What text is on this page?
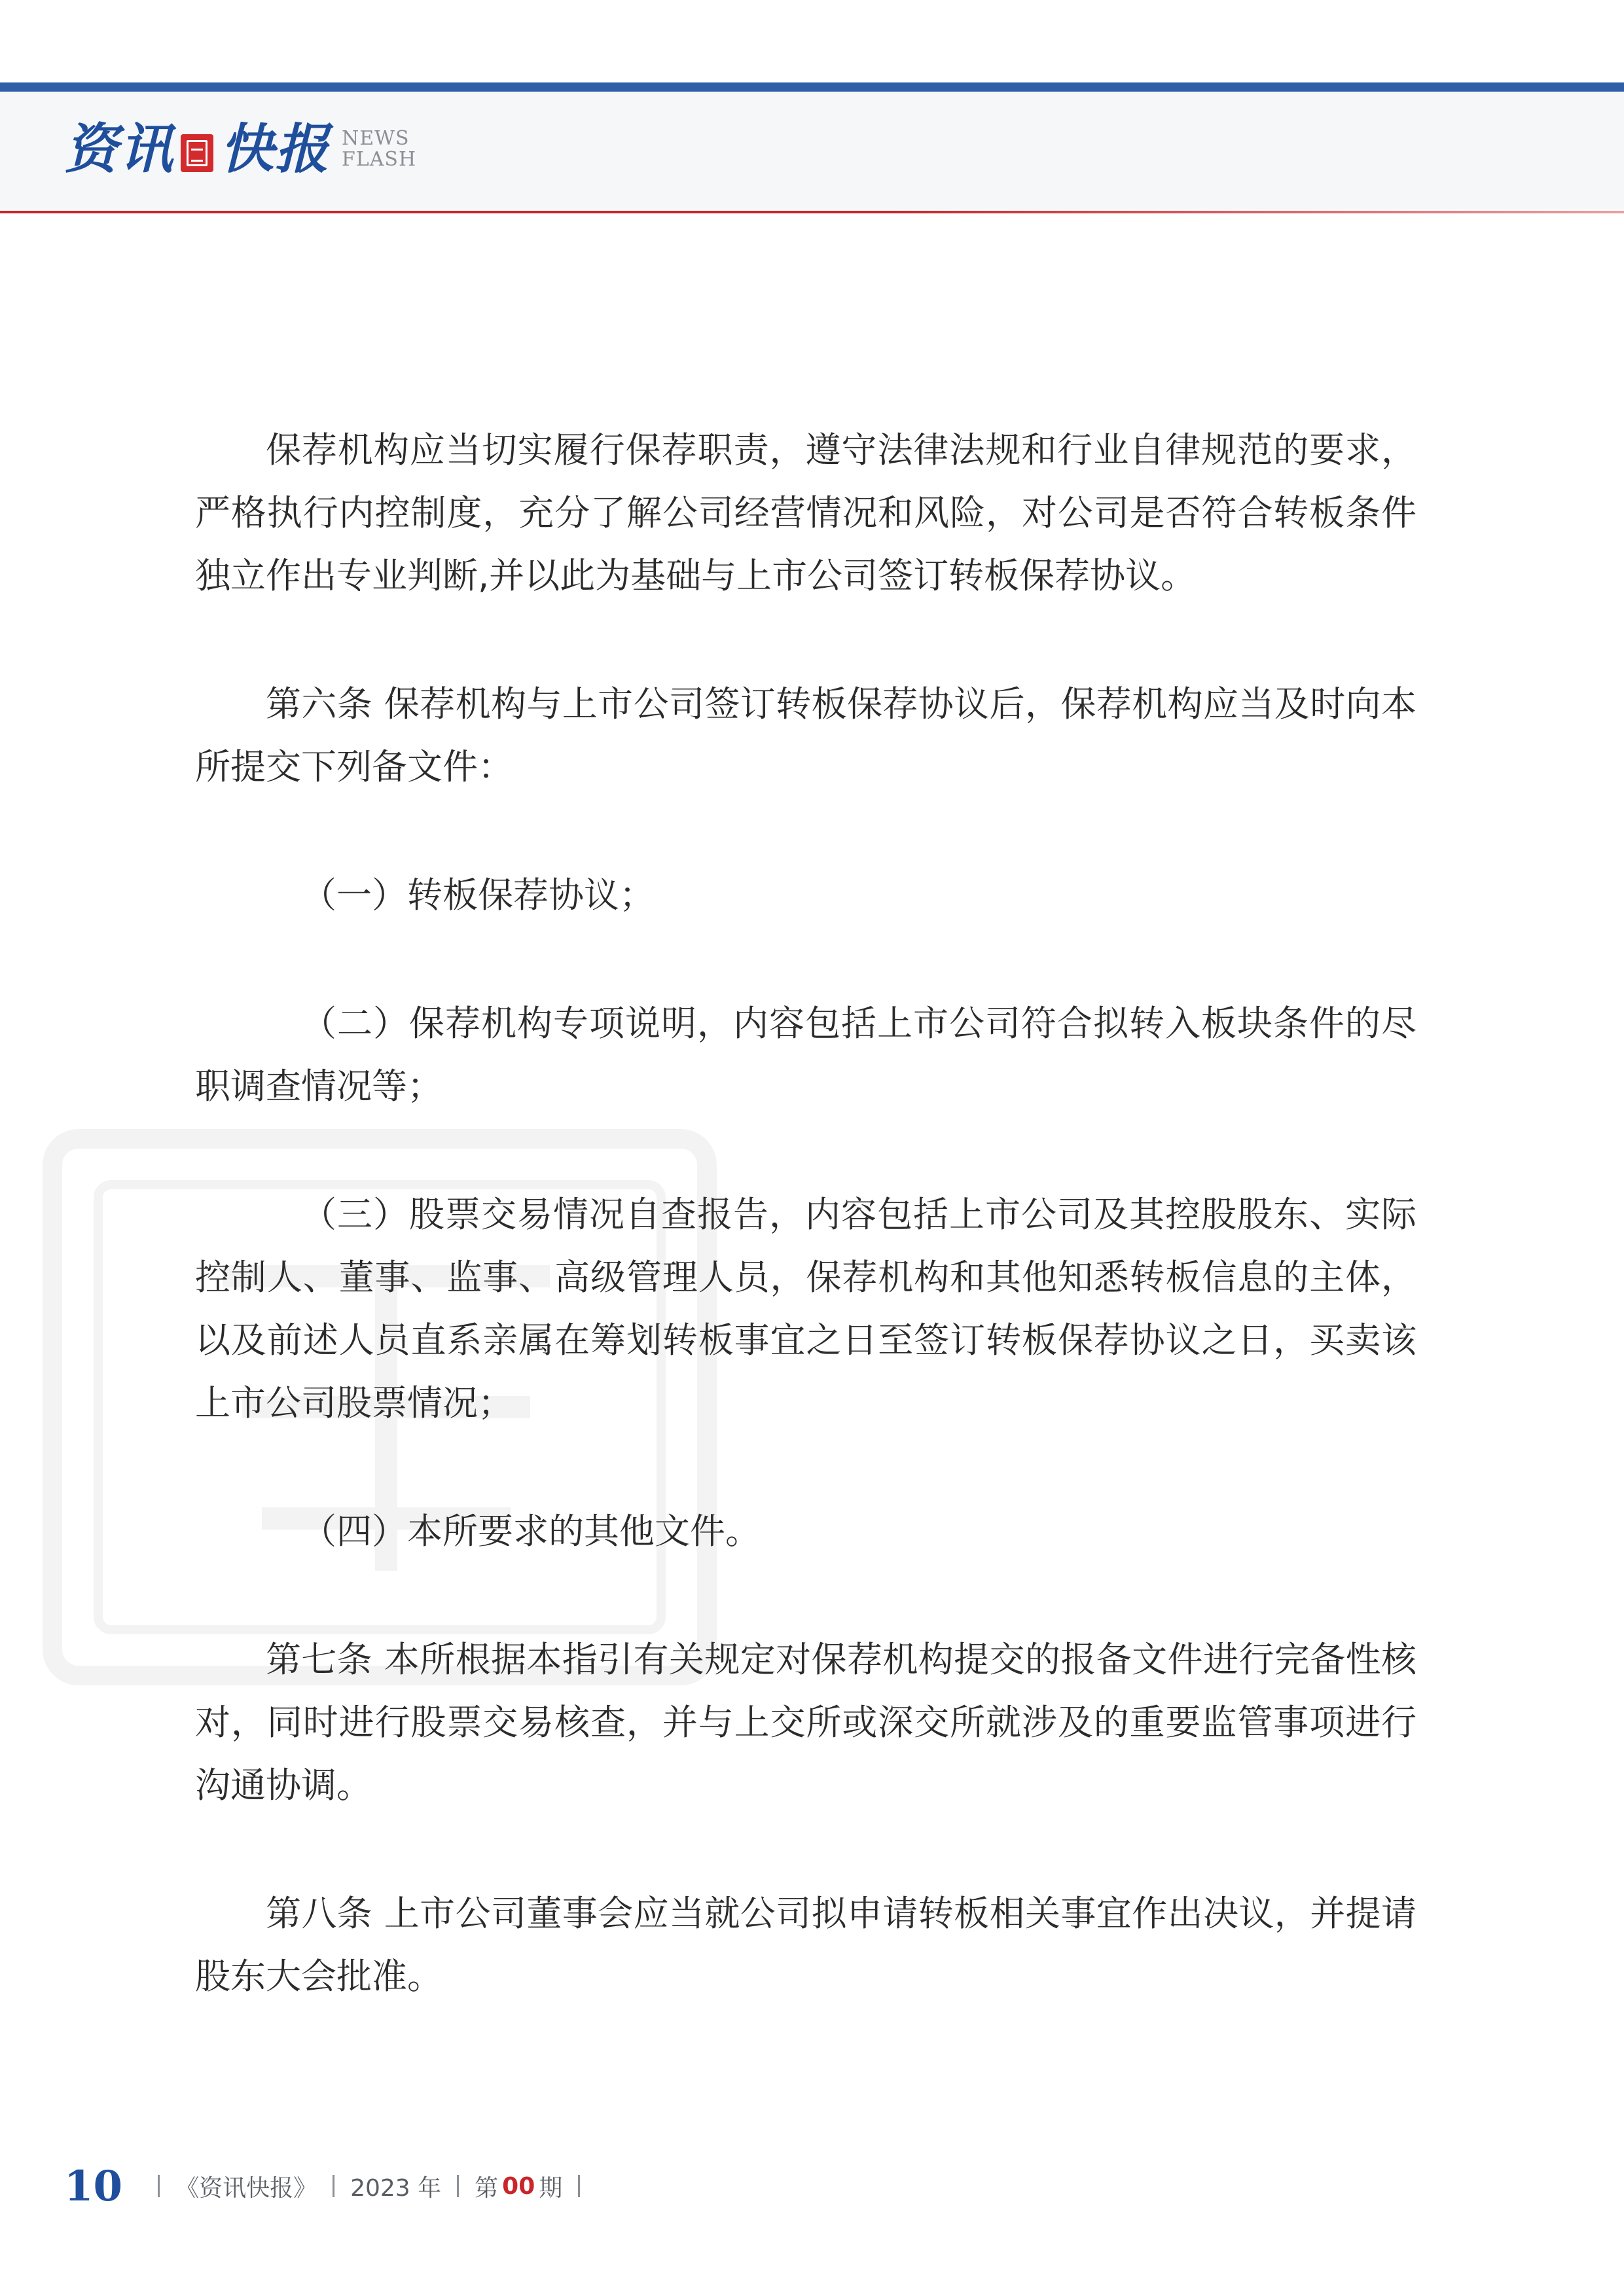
资讯 快报 NEWS
FLASH

保荐机构应当切实履行保荐职责，遵守法律法规和行业自律规范的要求，严格执行内控制度，充分了解公司经营情况和风险，对公司是否符合转板条件独立作出专业判断,并以此为基础与上市公司签订转板保荐协议。

第六条 保荐机构与上市公司签订转板保荐协议后，保荐机构应当及时向本所提交下列备文件：

（一）转板保荐协议；

（二）保荐机构专项说明，内容包括上市公司符合拟转入板块条件的尽职调查情况等；

（三）股票交易情况自查报告，内容包括上市公司及其控股股东、实际控制人、董事、监事、高级管理人员，保荐机构和其他知悉转板信息的主体，以及前述人员直系亲属在筹划转板事宜之日至签订转板保荐协议之日，买卖该上市公司股票情况；

（四）本所要求的其他文件。

第七条 本所根据本指引有关规定对保荐机构提交的报备文件进行完备性核对，同时进行股票交易核查，并与上交所或深交所就涉及的重要监管事项进行沟通协调。

第八条 上市公司董事会应当就公司拟申请转板相关事宜作出决议，并提请股东大会批准。

10 《资讯快报》 2023 年 第 00 期
